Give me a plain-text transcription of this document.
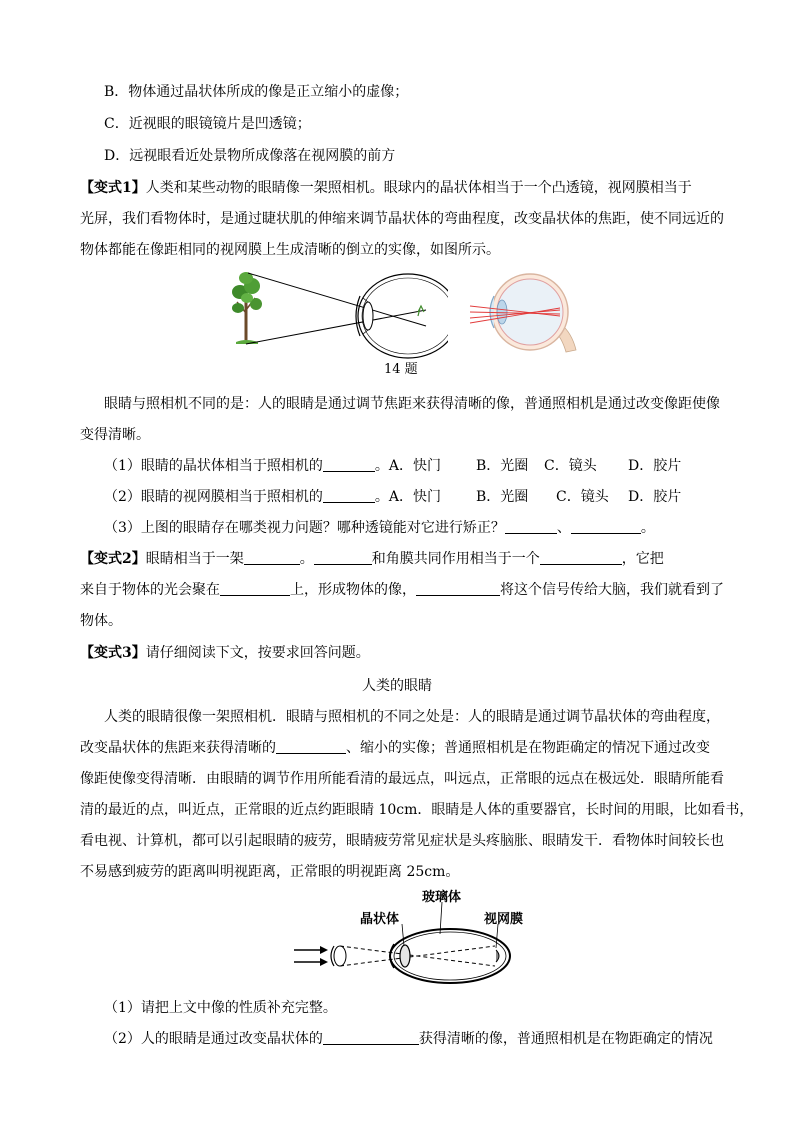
B．物体通过晶状体所成的像是正立缩小的虚像；
C．近视眼的眼镜镜片是凹透镜；
D．远视眼看近处景物所成像落在视网膜的前方
【变式1】人类和某些动物的眼睛像一架照相机。眼球内的晶状体相当于一个凸透镜，视网膜相当于
光屏，我们看物体时，是通过睫状肌的伸缩来调节晶状体的弯曲程度，改变晶状体的焦距，使不同远近的
物体都能在像距相同的视网膜上生成清晰的倒立的实像，如图所示。
14 题
眼睛与照相机不同的是：人的眼睛是通过调节焦距来获得清晰的像，普通照相机是通过改变像距使像
变得清晰。
（1）眼睛的晶状体相当于照相机的	。A．快门 B．光圈 C．镜头 D．胶片
（2）眼睛的视网膜相当于照相机的	。A．快门 B．光圈 C．镜头 D．胶片
（3）上图的眼睛存在哪类视力问题？哪种透镜能对它进行矫正？	、	。
【变式2】眼睛相当于一架	。	和角膜共同作用相当于一个	，它把
来自于物体的光会聚在	上，形成物体的像，	将这个信号传给大脑，我们就看到了
物体。
【变式3】请仔细阅读下文，按要求回答问题。
人类的眼睛
人类的眼睛很像一架照相机．眼睛与照相机的不同之处是：人的眼睛是通过调节晶状体的弯曲程度，
改变晶状体的焦距来获得清晰的	、缩小的实像；普通照相机是在物距确定的情况下通过改变
像距使像变得清晰．由眼睛的调节作用所能看清的最远点，叫远点，正常眼的远点在极远处．眼睛所能看
清的最近的点，叫近点，正常眼的近点约距眼睛 10cm．眼睛是人体的重要器官，长时间的用眼，比如看书，
看电视、计算机，都可以引起眼睛的疲劳，眼睛疲劳常见症状是头疼脑胀、眼睛发干．看物体时间较长也
不易感到疲劳的距离叫明视距离，正常眼的明视距离 25cm。
玻璃体
晶状体	视网膜
（1）请把上文中像的性质补充完整。
（2）人的眼睛是通过改变晶状体的	获得清晰的像，普通照相机是在物距确定的情况
